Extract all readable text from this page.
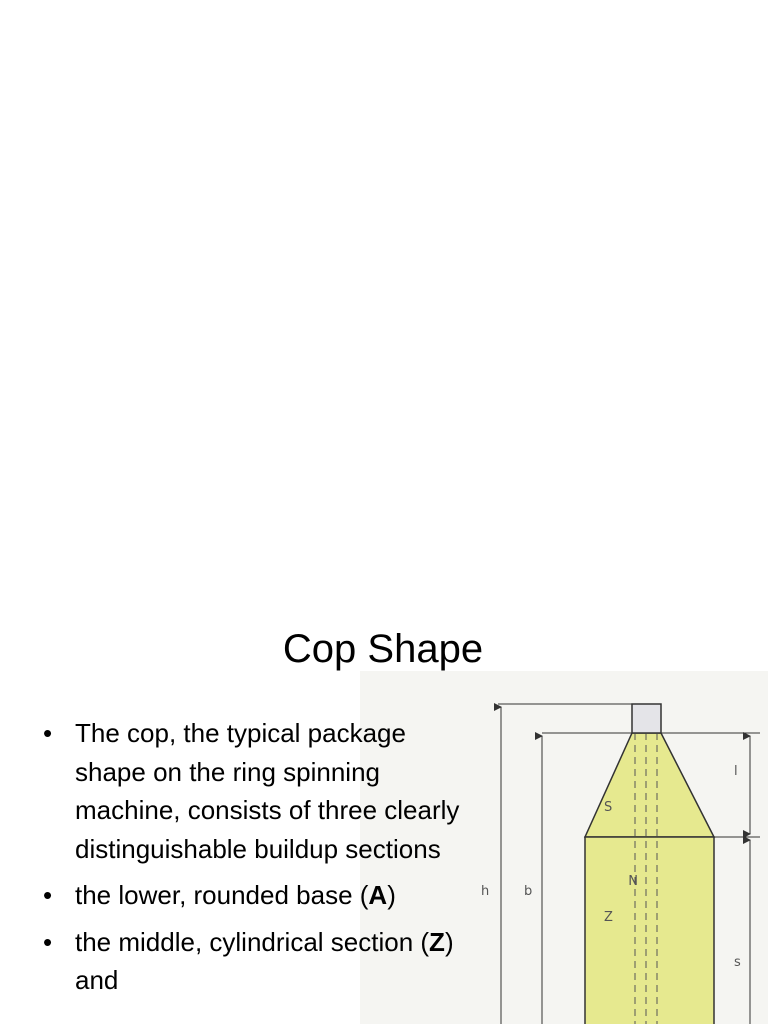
Cop Shape
h	b
l
s
S
Z
N
• The cop, the typical package shape on the ring spinning machine, consists of three clearly distinguishable buildup sections
• the lower, rounded base (A)
• the middle, cylindrical section (Z) and
